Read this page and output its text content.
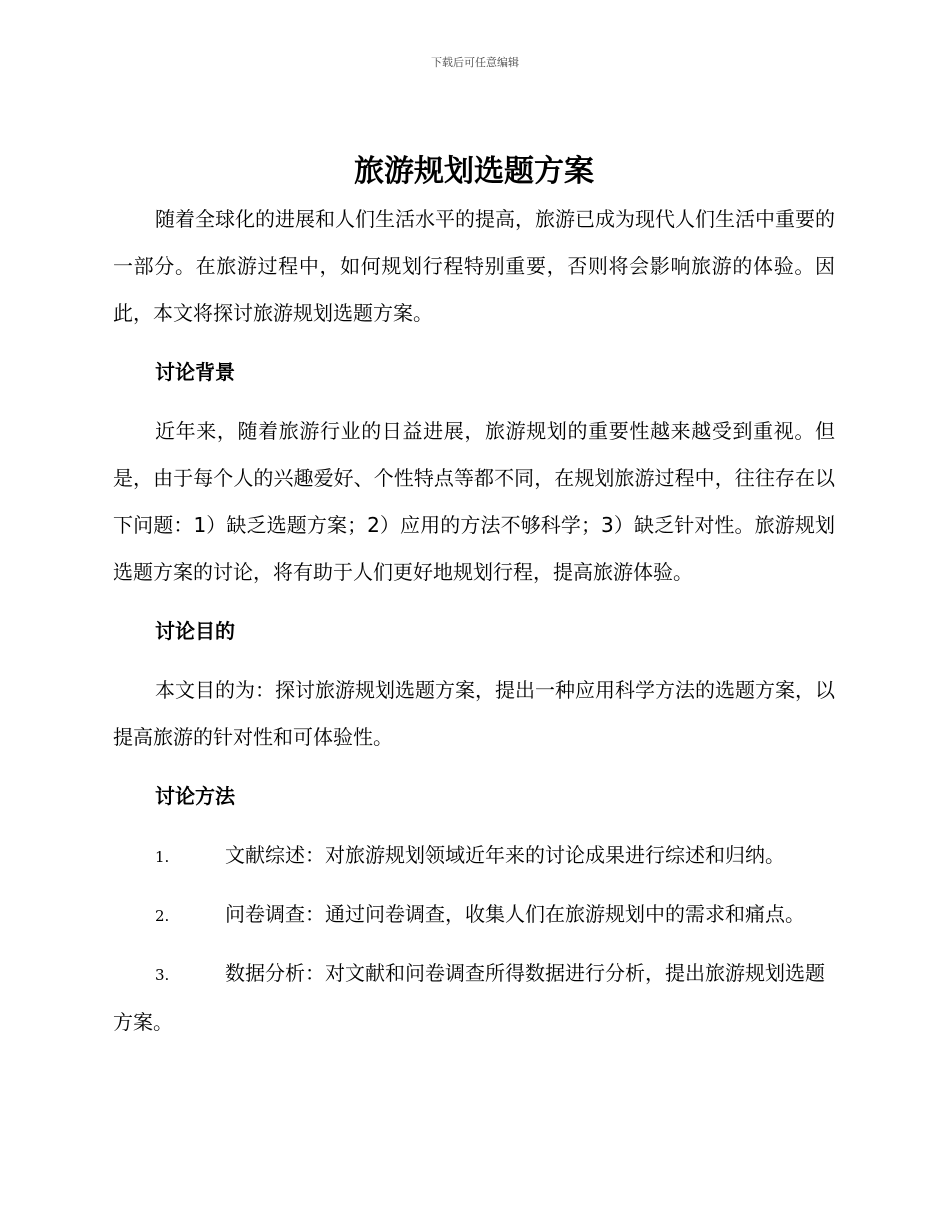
下载后可任意编辑
旅游规划选题方案

随着全球化的进展和人们生活水平的提高，旅游已成为现代人们生活中重要的一部分。在旅游过程中，如何规划行程特别重要，否则将会影响旅游的体验。因此，本文将探讨旅游规划选题方案。

讨论背景

近年来，随着旅游行业的日益进展，旅游规划的重要性越来越受到重视。但是，由于每个人的兴趣爱好、个性特点等都不同，在规划旅游过程中，往往存在以下问题：1）缺乏选题方案；2）应用的方法不够科学；3）缺乏针对性。旅游规划选题方案的讨论，将有助于人们更好地规划行程，提高旅游体验。

讨论目的

本文目的为：探讨旅游规划选题方案，提出一种应用科学方法的选题方案，以提高旅游的针对性和可体验性。

讨论方法
1.	文献综述：对旅游规划领域近年来的讨论成果进行综述和归纳。
2.	问卷调查：通过问卷调查，收集人们在旅游规划中的需求和痛点。
3.	数据分析：对文献和问卷调查所得数据进行分析，提出旅游规划选题方案。
